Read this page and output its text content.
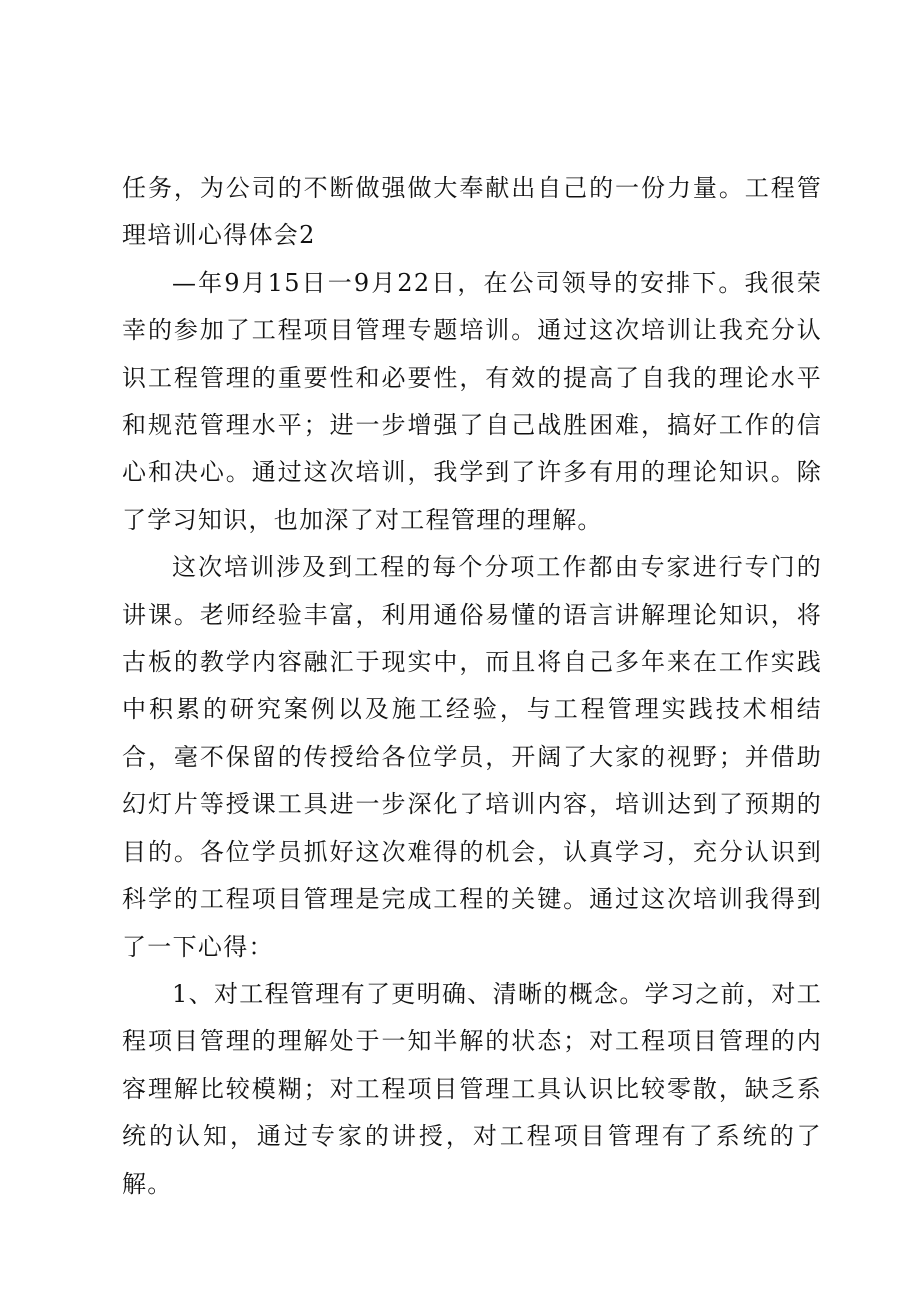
任务，为公司的不断做强做大奉献出自己的一份力量。工程管理培训心得体会2

—年9月15日一9月22日，在公司领导的安排下。我很荣幸的参加了工程项目管理专题培训。通过这次培训让我充分认识工程管理的重要性和必要性，有效的提高了自我的理论水平和规范管理水平；进一步增强了自己战胜困难，搞好工作的信心和决心。通过这次培训，我学到了许多有用的理论知识。除了学习知识，也加深了对工程管理的理解。

这次培训涉及到工程的每个分项工作都由专家进行专门的讲课。老师经验丰富，利用通俗易懂的语言讲解理论知识，将古板的教学内容融汇于现实中，而且将自己多年来在工作实践中积累的研究案例以及施工经验，与工程管理实践技术相结合，毫不保留的传授给各位学员，开阔了大家的视野；并借助幻灯片等授课工具进一步深化了培训内容，培训达到了预期的目的。各位学员抓好这次难得的机会，认真学习，充分认识到科学的工程项目管理是完成工程的关键。通过这次培训我得到了一下心得：

1、对工程管理有了更明确、清晰的概念。学习之前，对工程项目管理的理解处于一知半解的状态；对工程项目管理的内容理解比较模糊；对工程项目管理工具认识比较零散，缺乏系统的认知，通过专家的讲授，对工程项目管理有了系统的了解。
